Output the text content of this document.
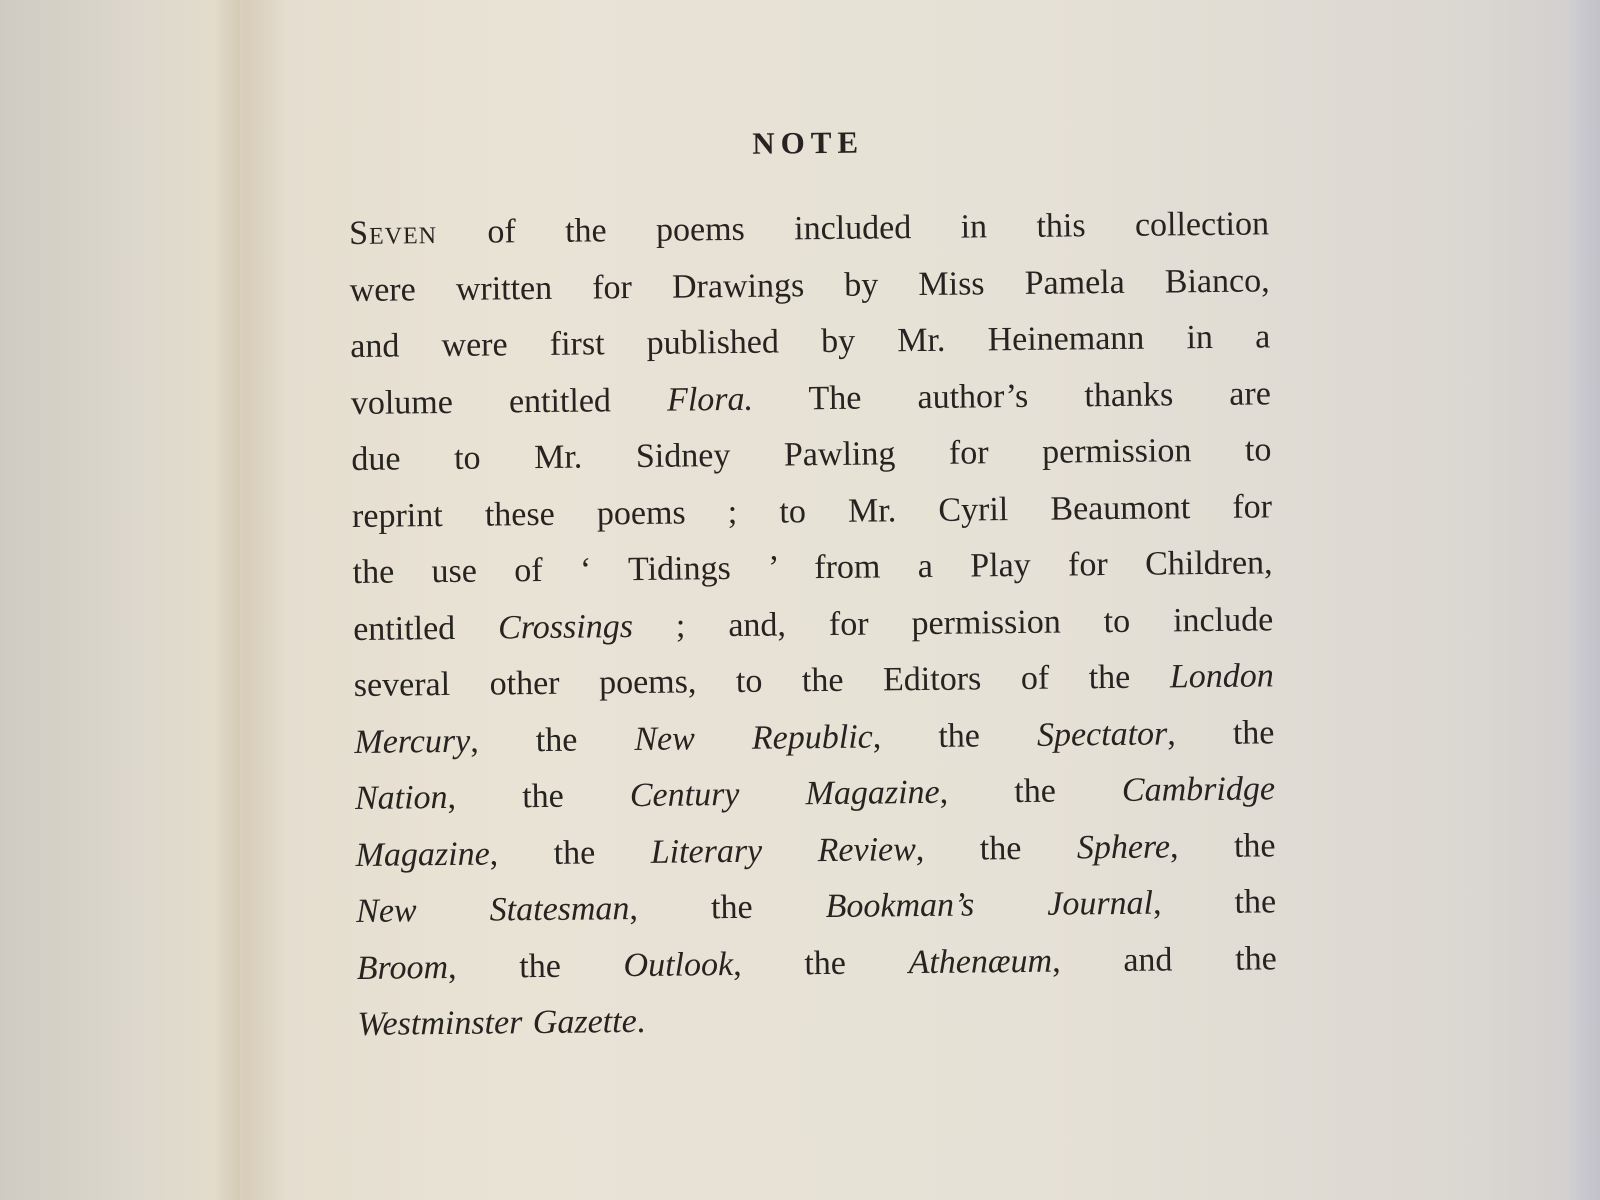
NOTE
Seven of the poems included in this collection
were written for Drawings by Miss Pamela Bianco,
and were first published by Mr. Heinemann in a
volume entitled Flora. The author’s thanks are
due to Mr. Sidney Pawling for permission to
reprint these poems ; to Mr. Cyril Beaumont for
the use of ‘ Tidings ’ from a Play for Children,
entitled Crossings ; and, for permission to include
several other poems, to the Editors of the London
Mercury, the New Republic, the Spectator, the
Nation, the Century Magazine, the Cambridge
Magazine, the Literary Review, the Sphere, the
New Statesman, the Bookman’s Journal, the
Broom, the Outlook, the Athenæum, and the
Westminster Gazette.
